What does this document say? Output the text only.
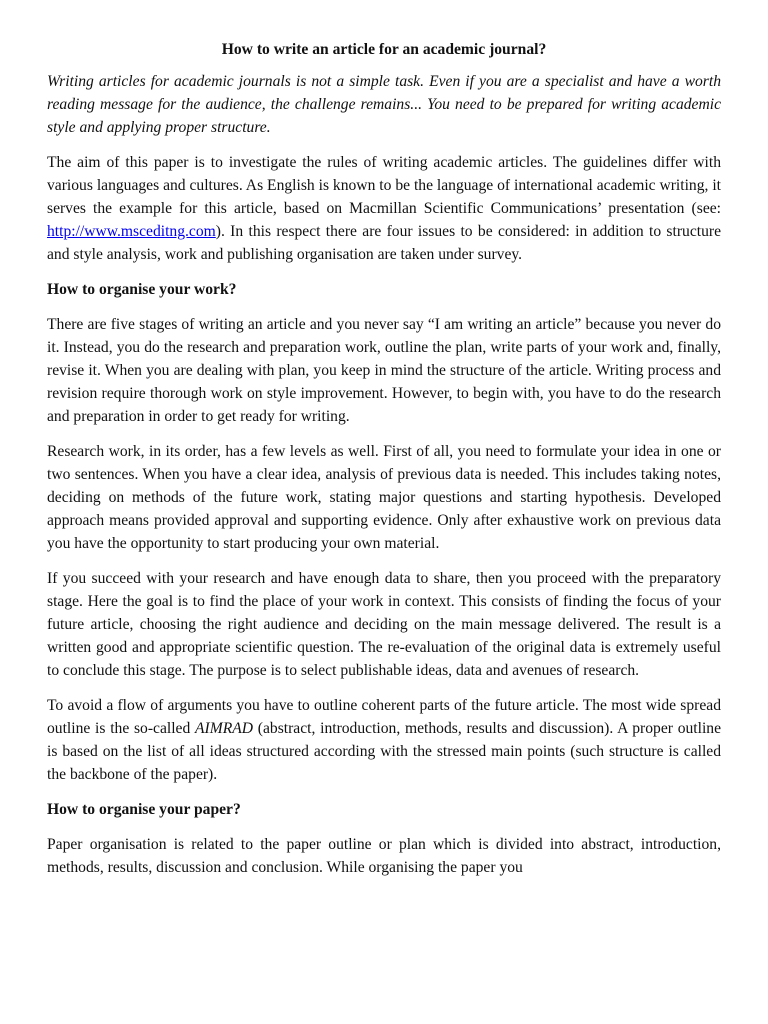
How to write an article for an academic journal?

Writing articles for academic journals is not a simple task. Even if you are a specialist and have a worth reading message for the audience, the challenge remains... You need to be prepared for writing academic style and applying proper structure.

The aim of this paper is to investigate the rules of writing academic articles. The guidelines differ with various languages and cultures. As English is known to be the language of international academic writing, it serves the example for this article, based on Macmillan Scientific Communications’ presentation (see: http://www.msceditng.com). In this respect there are four issues to be considered: in addition to structure and style analysis, work and publishing organisation are taken under survey.

How to organise your work?

There are five stages of writing an article and you never say “I am writing an article” because you never do it. Instead, you do the research and preparation work, outline the plan, write parts of your work and, finally, revise it. When you are dealing with plan, you keep in mind the structure of the article. Writing process and revision require thorough work on style improvement. However, to begin with, you have to do the research and preparation in order to get ready for writing.

Research work, in its order, has a few levels as well. First of all, you need to formulate your idea in one or two sentences. When you have a clear idea, analysis of previous data is needed. This includes taking notes, deciding on methods of the future work, stating major questions and starting hypothesis. Developed approach means provided approval and supporting evidence. Only after exhaustive work on previous data you have the opportunity to start producing your own material.

If you succeed with your research and have enough data to share, then you proceed with the preparatory stage. Here the goal is to find the place of your work in context. This consists of finding the focus of your future article, choosing the right audience and deciding on the main message delivered. The result is a written good and appropriate scientific question. The re-evaluation of the original data is extremely useful to conclude this stage. The purpose is to select publishable ideas, data and avenues of research.

To avoid a flow of arguments you have to outline coherent parts of the future article. The most wide spread outline is the so-called AIMRAD (abstract, introduction, methods, results and discussion). A proper outline is based on the list of all ideas structured according with the stressed main points (such structure is called the backbone of the paper).

How to organise your paper?

Paper organisation is related to the paper outline or plan which is divided into abstract, introduction, methods, results, discussion and conclusion. While organising the paper you
